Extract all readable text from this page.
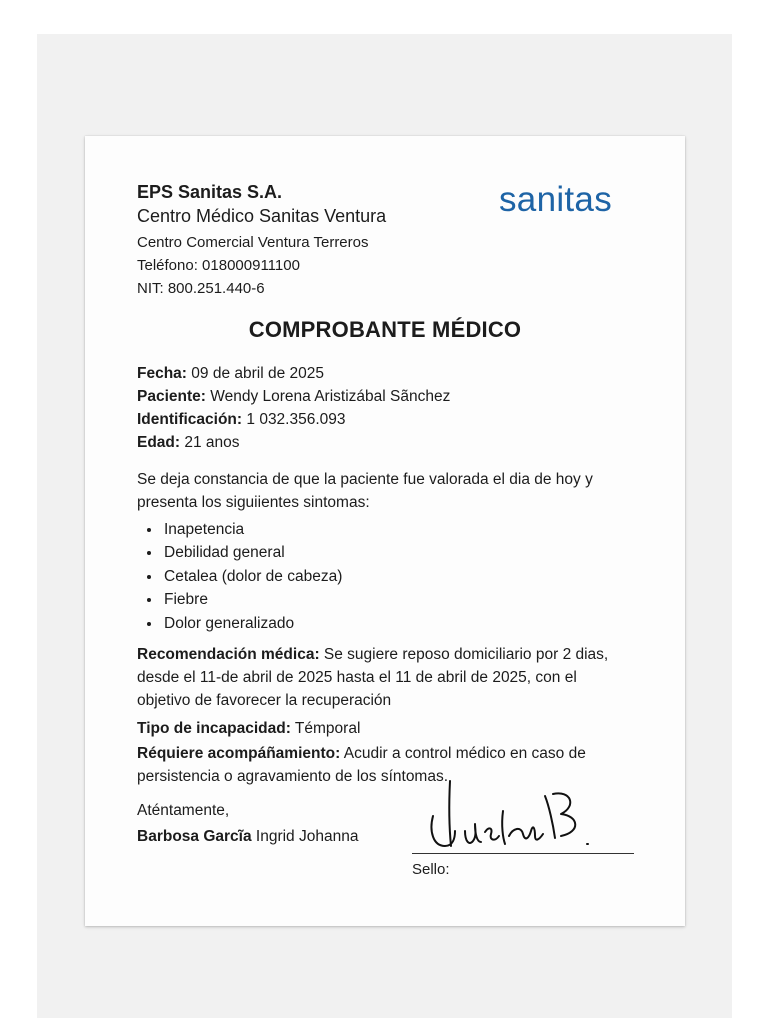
EPS Sanitas S.A.
Centro Médico Sanitas Ventura
Centro Comercial Ventura Terreros
Teléfono: 018000911100
NIT: 800.251.440-6
sanitas
COMPROBANTE MÉDICO
Fecha: 09 de abril de 2025
Paciente: Wendy Lorena Aristizábal Sãnchez
Identificación: 1 032.356.093
Edad: 21 anos
Se deja constancia de que la paciente fue valorada el dia de hoy y presenta los siguiientes sintomas:
• Inapetencia
• Debilidad general
• Cetalea (dolor de cabeza)
• Fiebre
• Dolor generalizado
Recomendación médica: Se sugiere reposo domiciliario por 2 dias, desde el 11-de abril de 2025 hasta el 11 de abril de 2025, con el objetivo de favorecer la recuperación
Tipo de incapacidad: Témporal
Réquiere acompáñamiento: Acudir a control médico en caso de persistencia o agravamiento de los síntomas.
Aténtamente,
Barbosa Garcĩa Ingrid Johanna
Sello:
